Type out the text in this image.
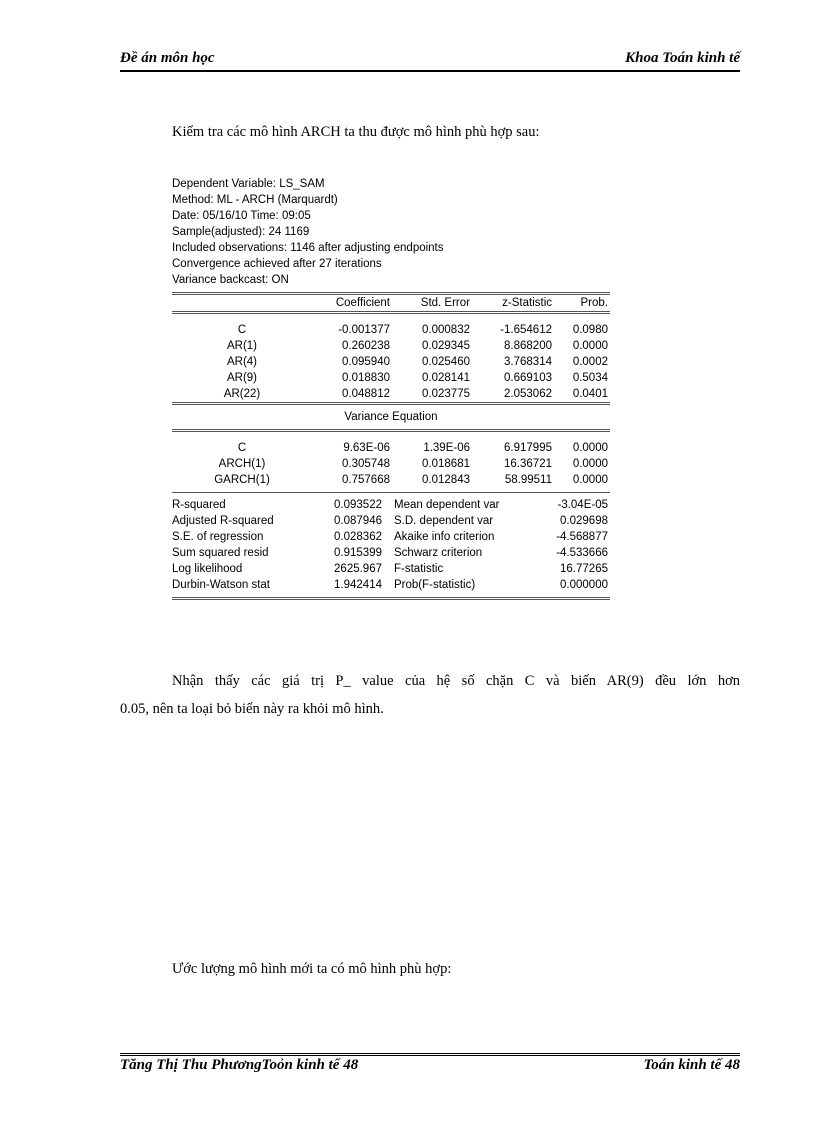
Đề án môn học	Khoa Toán kinh tế
Kiểm tra các mô hình ARCH ta thu được mô hình phù hợp sau:
Dependent Variable: LS_SAM
Method: ML - ARCH (Marquardt)
Date: 05/16/10 Time: 09:05
Sample(adjusted): 24 1169
Included observations: 1146 after adjusting endpoints
Convergence achieved after 27 iterations
Variance backcast: ON
	Coefficient	Std. Error	z-Statistic	Prob.
C	-0.001377	0.000832	-1.654612	0.0980
AR(1)	0.260238	0.029345	8.868200	0.0000
AR(4)	0.095940	0.025460	3.768314	0.0002
AR(9)	0.018830	0.028141	0.669103	0.5034
AR(22)	0.048812	0.023775	2.053062	0.0401
Variance Equation
C	9.63E-06	1.39E-06	6.917995	0.0000
ARCH(1)	0.305748	0.018681	16.36721	0.0000
GARCH(1)	0.757668	0.012843	58.99511	0.0000
R-squared	0.093522	Mean dependent var	-3.04E-05
Adjusted R-squared	0.087946	S.D. dependent var	0.029698
S.E. of regression	0.028362	Akaike info criterion	-4.568877
Sum squared resid	0.915399	Schwarz criterion	-4.533666
Log likelihood	2625.967	F-statistic	16.77265
Durbin-Watson stat	1.942414	Prob(F-statistic)	0.000000
Nhận thấy các giá trị P_ value của hệ số chặn C và biến AR(9) đều lớn hơn
0.05, nên ta loại bỏ biến này ra khỏi mô hình.
Ước lượng mô hình mới ta có mô hình phù hợp:
Tăng Thị Thu PhươngToỏn kinh tế 48	Toán kinh tế 48
